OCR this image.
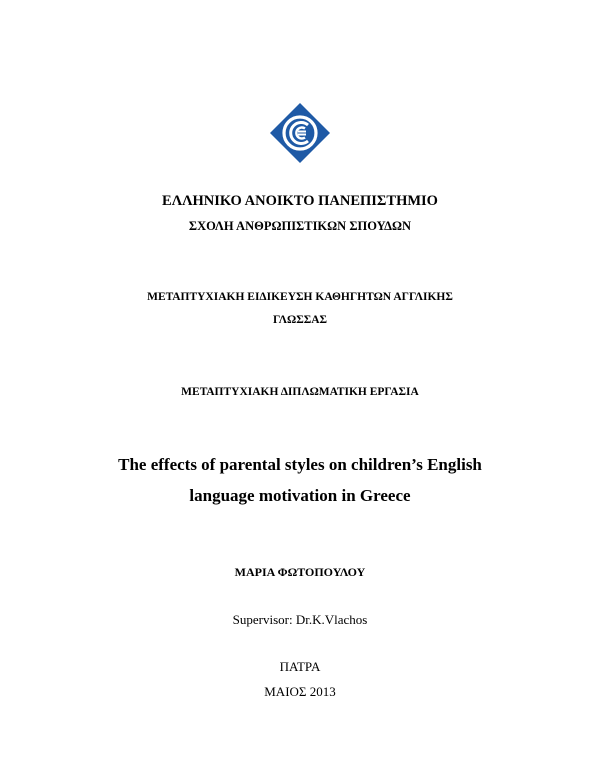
ΕΛΛΗΝΙΚΟ ΑΝΟΙΚΤΟ ΠΑΝΕΠΙΣΤΗΜΙΟ
ΣΧΟΛΗ ΑΝΘΡΩΠΙΣΤΙΚΩΝ ΣΠΟΥΔΩΝ
ΜΕΤΑΠΤΥΧΙΑΚΗ ΕΙΔΙΚΕΥΣΗ ΚΑΘΗΓΗΤΩΝ ΑΓΓΛΙΚΗΣ
ΓΛΩΣΣΑΣ
ΜΕΤΑΠΤΥΧΙΑΚΗ ΔΙΠΛΩΜΑΤΙΚΗ ΕΡΓΑΣΙΑ
The effects of parental styles on children’s English
language motivation in Greece
ΜΑΡΙΑ ΦΩΤΟΠΟΥΛΟΥ
Supervisor: Dr.K.Vlachos
ΠΑΤΡΑ
ΜΑΙΟΣ 2013
